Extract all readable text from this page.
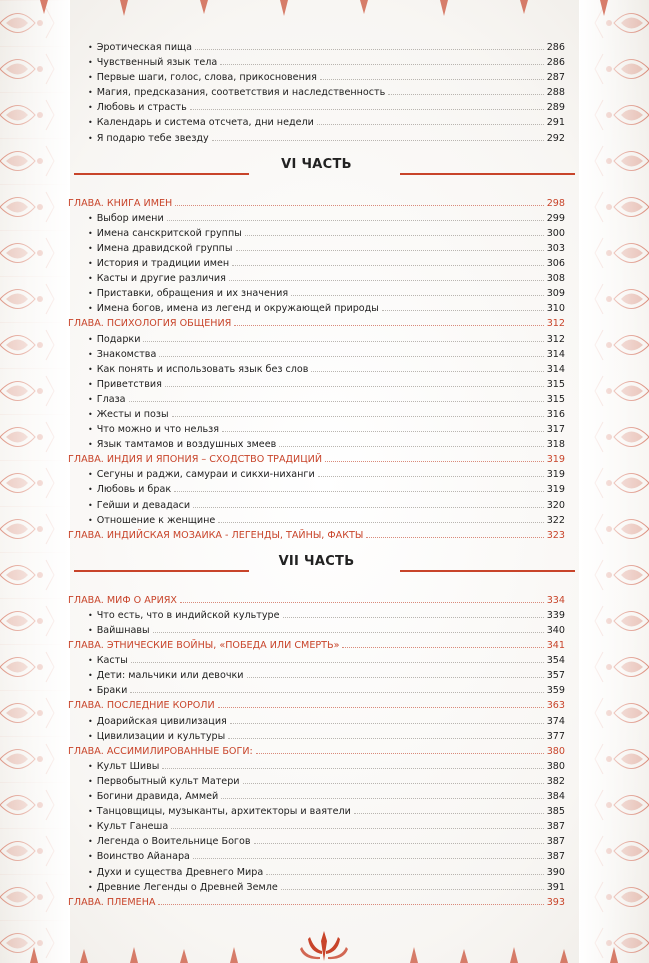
• Эротическая пища	286
• Чувственный язык тела	286
• Первые шаги, голос, слова, прикосновения	287
• Магия, предсказания, соответствия и наследственность	288
• Любовь и страсть	289
• Календарь и система отсчета, дни недели	291
• Я подарю тебе звезду	292
VI ЧАСТЬ
ГЛАВА. КНИГА ИМЕН	298
• Выбор имени	299
• Имена санскритской группы	300
• Имена дравидской группы	303
• История и традиции имен	306
• Касты и другие различия	308
• Приставки, обращения и их значения	309
• Имена богов, имена из легенд и окружающей природы	310
ГЛАВА. ПСИХОЛОГИЯ ОБЩЕНИЯ	312
• Подарки	312
• Знакомства	314
• Как понять и использовать язык без слов	314
• Приветствия	315
• Глаза	315
• Жесты и позы	316
• Что можно и что нельзя	317
• Язык тамтамов и воздушных змеев	318
ГЛАВА. ИНДИЯ И ЯПОНИЯ – СХОДСТВО ТРАДИЦИЙ	319
• Сегуны и раджи, самураи и сикхи-ниханги	319
• Любовь и брак	319
• Гейши и девадаси	320
• Отношение к женщине	322
ГЛАВА. ИНДИЙСКАЯ МОЗАИКА - ЛЕГЕНДЫ, ТАЙНЫ, ФАКТЫ	323
VII ЧАСТЬ
ГЛАВА. МИФ О АРИЯХ	334
• Что есть, что в индийской культуре	339
• Вайшнавы	340
ГЛАВА. ЭТНИЧЕСКИЕ ВОЙНЫ, «ПОБЕДА ИЛИ СМЕРТЬ»	341
• Касты	354
• Дети: мальчики или девочки	357
• Браки	359
ГЛАВА. ПОСЛЕДНИЕ КОРОЛИ	363
• Доарийская цивилизация	374
• Цивилизации и культуры	377
ГЛАВА. АССИМИЛИРОВАННЫЕ БОГИ:	380
• Культ Шивы	380
• Первобытный культ Матери	382
• Богини дравида, Аммей	384
• Танцовщицы, музыканты, архитекторы и ваятели	385
• Культ Ганеша	387
• Легенда о Воительнице Богов	387
• Воинство Айанара	387
• Духи и существа Древнего Мира	390
• Древние Легенды о Древней Земле	391
ГЛАВА. ПЛЕМЕНА	393
